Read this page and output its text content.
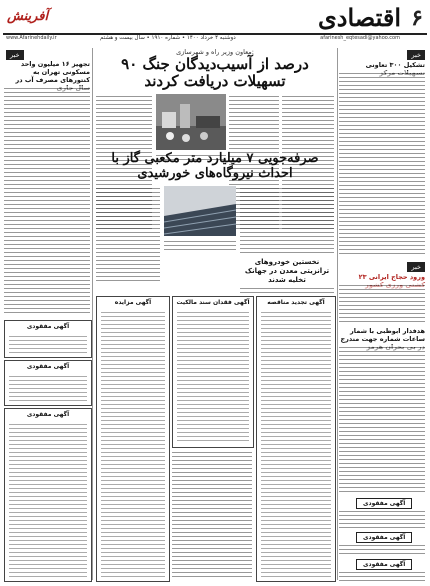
۶
اقتصادی
آفرینش
www.Afarinehdaily.ir	دوشنبه ۴ خرداد ۱۴۰۰ • شماره ۱۹۱۰ • سال بیست و هشتم	afarinesh_eqtesadi@yahoo.com
خبر
تشکیل ۳۰۰ تعاونی
خبر
ورود حجاج ایرانی ۲۳
هدفدار ابوظبی با شمار ساعات شماره جهت مندرج
آگهی مفقودی
آگهی مفقودی
آگهی مفقودی
معاون وزیر راه و شهرسازی:
۹۰ درصد از آسیب‌دیدگان جنگ تسهیلات دریافت کردند
صرفه‌جویی ۷ میلیارد متر مکعبی گاز با احداث نیروگاه‌های خورشیدی
نخستین خودروهای ترانزیتی معدن در جهانک تخلیه شدند
آگهی مزایده	آگهی فقدان سند مالکیت	آگهی تجدید مناقصه
خبر
تجهیز ۱۶ میلیون واحد مسکونی تهران به کنتورهای مصرف آب در
آگهی مفقودی
آگهی مفقودی
آگهی مفقودی
